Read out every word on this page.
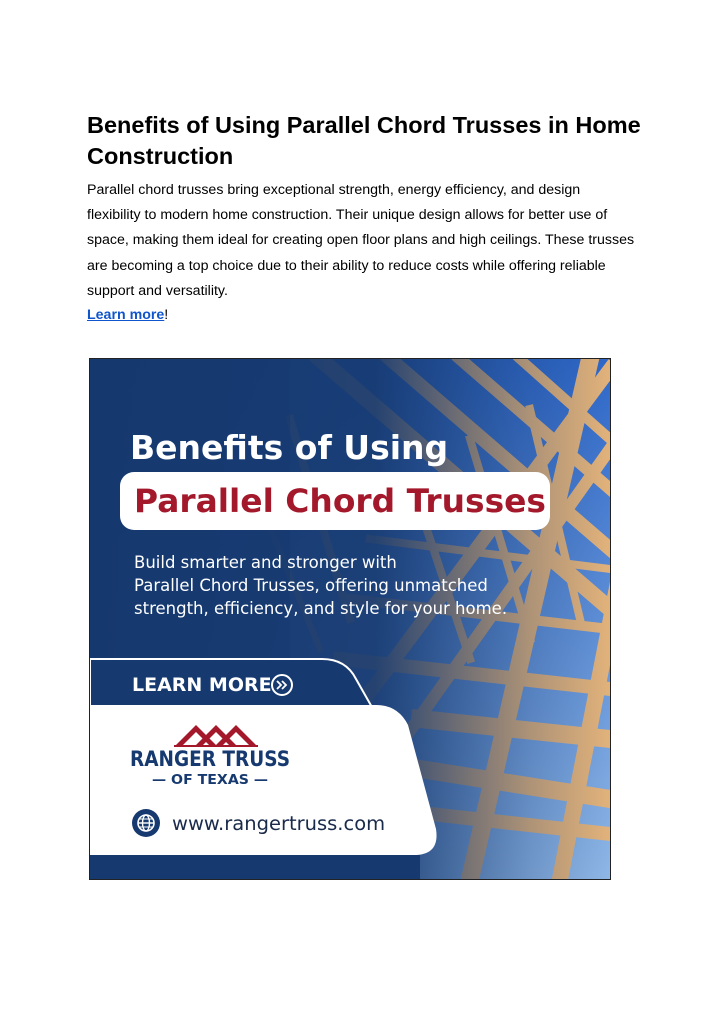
Benefits of Using Parallel Chord Trusses in Home Construction

Parallel chord trusses bring exceptional strength, energy efficiency, and design flexibility to modern home construction. Their unique design allows for better use of space, making them ideal for creating open floor plans and high ceilings. These trusses are becoming a top choice due to their ability to reduce costs while offering reliable support and versatility.

Learn more!
Benefits of Using
Parallel Chord Trusses
Build smarter and stronger with
Parallel Chord Trusses, offering unmatched
strength, efficiency, and style for your home.
LEARN MORE
RANGER TRUSS
— OF TEXAS —
www.rangertruss.com
